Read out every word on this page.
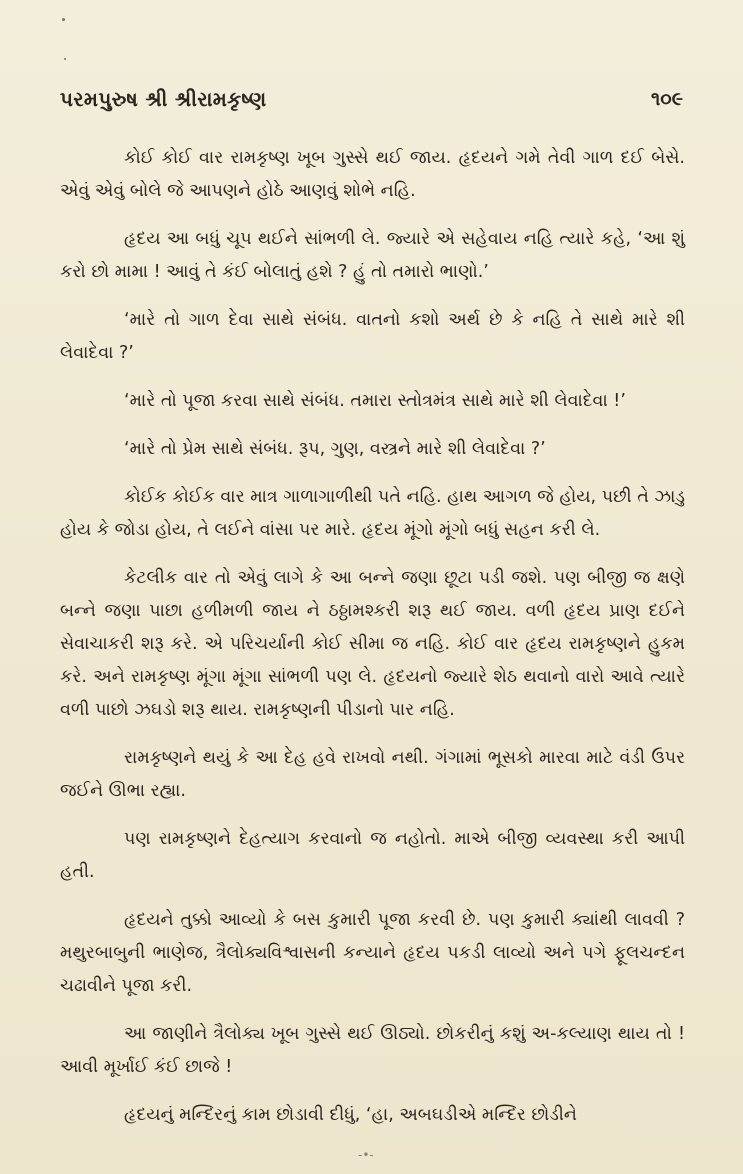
પરમપુરુષ શ્રી શ્રીરામકૃષ્ણ	૧૦૯

કોઈ કોઈ વાર રામકૃષ્ણ ખૂબ ગુસ્સે થઈ જાય. હૃદયને ગમે તેવી ગાળ દઈ બેસે. એવું એવું બોલે જે આપણને હોઠે આણવું શોભે નહિ.

હૃદય આ બધું ચૂપ થઈને સાંભળી લે. જ્યારે એ સહેવાય નહિ ત્યારે કહે, ‘આ શું કરો છો મામા ! આવું તે કંઈ બોલાતું હશે ? હું તો તમારો ભાણો.’

‘મારે તો ગાળ દેવા સાથે સંબંધ. વાતનો કશો અર્થ છે કે નહિ તે સાથે મારે શી લેવાદેવા ?’

‘મારે તો પૂજા કરવા સાથે સંબંધ. તમારા સ્તોત્રમંત્ર સાથે મારે શી લેવાદેવા !’

‘મારે તો પ્રેમ સાથે સંબંધ. રૂપ, ગુણ, વસ્ત્રને મારે શી લેવાદેવા ?’

કોઈક કોઈક વાર માત્ર ગાળાગાળીથી પતે નહિ. હાથ આગળ જે હોય, પછી તે ઝાડુ હોય કે જોડા હોય, તે લઈને વાંસા પર મારે. હૃદય મૂંગો મૂંગો બધું સહન કરી લે.

કેટલીક વાર તો એવું લાગે કે આ બન્ને જણા છૂટા પડી જશે. પણ બીજી જ ક્ષણે બન્ને જણા પાછા હળીમળી જાય ને ઠઠ્ઠામશ્કરી શરૂ થઈ જાય. વળી હૃદય પ્રાણ દઈને સેવાચાકરી શરૂ કરે. એ પરિચર્યાની કોઈ સીમા જ નહિ. કોઈ વાર હૃદય રામકૃષ્ણને હુકમ કરે. અને રામકૃષ્ણ મૂંગા મૂંગા સાંભળી પણ લે. હૃદયનો જ્યારે શેઠ થવાનો વારો આવે ત્યારે વળી પાછો ઝઘડો શરૂ થાય. રામકૃષ્ણની પીડાનો પાર નહિ.

રામકૃષ્ણને થયું કે આ દેહ હવે રાખવો નથી. ગંગામાં ભૂસકો મારવા માટે વંડી ઉપર જઈને ઊભા રહ્યા.

પણ રામકૃષ્ણને દેહત્યાગ કરવાનો જ નહોતો. માએ બીજી વ્યવસ્થા કરી આપી હતી.

હૃદયને તુક્કો આવ્યો કે બસ કુમારી પૂજા કરવી છે. પણ કુમારી ક્યાંથી લાવવી ? મથુરબાબુની ભાણેજ, ત્રૈલોક્યવિશ્વાસની કન્યાને હૃદય પકડી લાવ્યો અને પગે ફૂલચન્દન ચઢાવીને પૂજા કરી.

આ જાણીને ત્રૈલોક્ય ખૂબ ગુસ્સે થઈ ઊઠ્યો. છોકરીનું કશું અ-કલ્યાણ થાય તો ! આવી મૂર્ખાઈ કંઈ છાજે !

હૃદયનું મન્દિરનું કામ છોડાવી દીધું, ‘હા, અબઘડીએ મન્દિર છોડીને

-•-
